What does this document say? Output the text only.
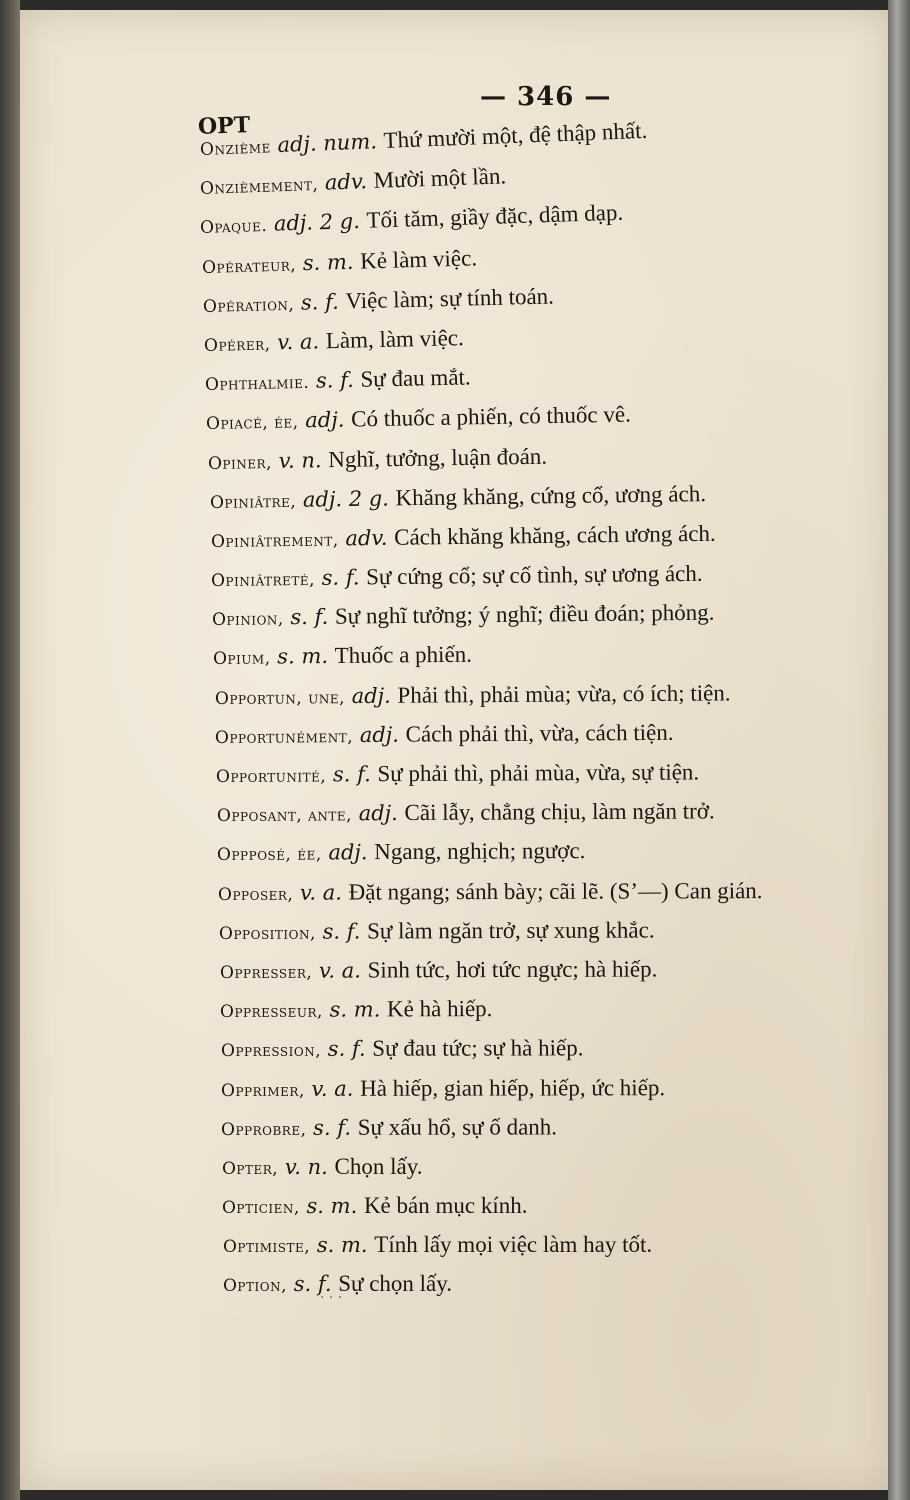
— 346 —
OPT
Onzième adj. num. Thứ mười một, đệ thập nhất.
Onzièmement, adv. Mười một lần.
Opaque. adj. 2 g. Tối tăm, giầy đặc, dậm dạp.
Opérateur, s. m. Kẻ làm việc.
Opération, s. f. Việc làm; sự tính toán.
Opérer, v. a. Làm, làm việc.
Ophthalmie. s. f. Sự đau mắt.
Opiacé, ée, adj. Có thuốc a phiến, có thuốc vê.
Opiner, v. n. Nghĩ, tưởng, luận đoán.
Opiniâtre, adj. 2 g. Khăng khăng, cứng cổ, ương ách.
Opiniâtrement, adv. Cách khăng khăng, cách ương ách.
Opiniâtreté, s. f. Sự cứng cổ; sự cố tình, sự ương ách.
Opinion, s. f. Sự nghĩ tưởng; ý nghĩ; điều đoán; phỏng.
Opium, s. m. Thuốc a phiến.
Opportun, une, adj. Phải thì, phải mùa; vừa, có ích; tiện.
Opportunément, adj. Cách phải thì, vừa, cách tiện.
Opportunité, s. f. Sự phải thì, phải mùa, vừa, sự tiện.
Opposant, ante, adj. Cãi lẫy, chẳng chịu, làm ngăn trở.
Oppposé, ée, adj. Ngang, nghịch; ngược.
Opposer, v. a. Đặt ngang; sánh bày; cãi lẽ. (S’—) Can gián.
Opposition, s. f. Sự làm ngăn trở, sự xung khắc.
Oppresser, v. a. Sinh tức, hơi tức ngực; hà hiếp.
Oppresseur, s. m. Kẻ hà hiếp.
Oppression, s. f. Sự đau tức; sự hà hiếp.
Opprimer, v. a. Hà hiếp, gian hiếp, hiếp, ức hiếp.
Opprobre, s. f. Sự xấu hổ, sự ố danh.
Opter, v. n. Chọn lấy.
Opticien, s. m. Kẻ bán mục kính.
Optimiste, s. m. Tính lấy mọi việc làm hay tốt.
Option, s. f. Sự chọn lấy.
· · ·
